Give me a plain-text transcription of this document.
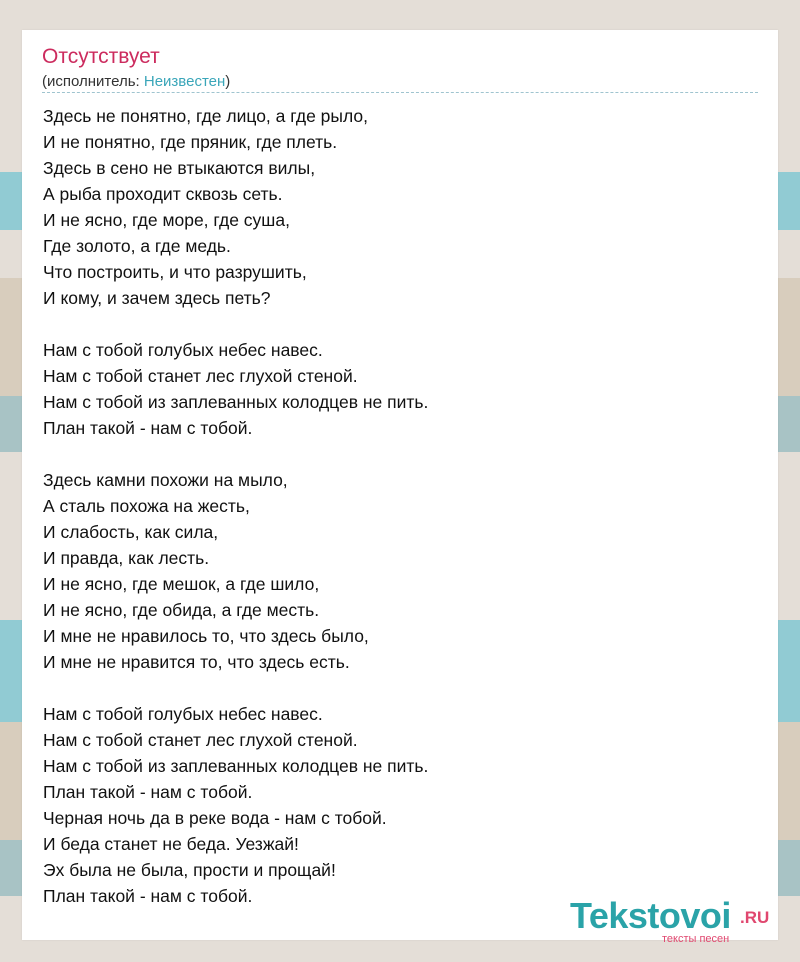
Отсутствует
(исполнитель: Неизвестен)
Здесь не понятно, где лицо, а где рыло,
И не понятно, где пряник, где плеть.
Здесь в сено не втыкаются вилы,
А рыба проходит сквозь сеть.
И не ясно, где море, где суша,
Где золото, а где медь.
Что построить, и что разрушить,
И кому, и зачем здесь петь?
Нам с тобой голубых небес навес.
Нам с тобой станет лес глухой стеной.
Нам с тобой из заплеванных колодцев не пить.
План такой - нам с тобой.
Здесь камни похожи на мыло,
А сталь похожа на жесть,
И слабость, как сила,
И правда, как лесть.
И не ясно, где мешок, а где шило,
И не ясно, где обида, а где месть.
И мне не нравилось то, что здесь было,
И мне не нравится то, что здесь есть.
Нам с тобой голубых небес навес.
Нам с тобой станет лес глухой стеной.
Нам с тобой из заплеванных колодцев не пить.
План такой - нам с тобой.
Черная ночь да в реке вода - нам с тобой.
И беда станет не беда. Уезжай!
Эх была не была, прости и прощай!
План такой - нам с тобой.	Tekstovoi .RU
тексты песен
